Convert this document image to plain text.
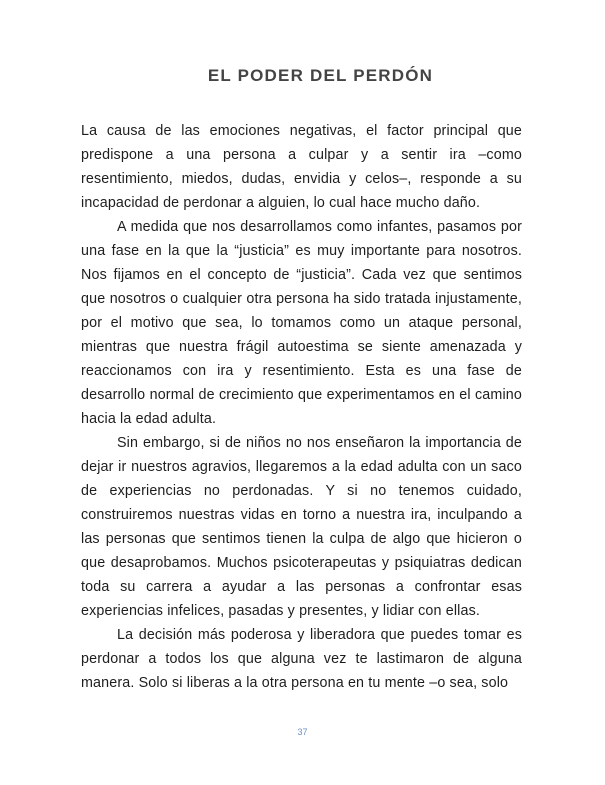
EL PODER DEL PERDÓN

La causa de las emociones negativas, el factor principal que predispone a una persona a culpar y a sentir ira –como resentimiento, miedos, dudas, envidia y celos–, responde a su incapacidad de perdonar a alguien, lo cual hace mucho daño.

A medida que nos desarrollamos como infantes, pasamos por una fase en la que la “justicia” es muy importante para nosotros. Nos fijamos en el concepto de “justicia”. Cada vez que sentimos que nosotros o cualquier otra persona ha sido tratada injustamente, por el motivo que sea, lo tomamos como un ataque personal, mientras que nuestra frágil autoestima se siente amenazada y reaccionamos con ira y resentimiento. Esta es una fase de desarrollo normal de crecimiento que experimentamos en el camino hacia la edad adulta.

Sin embargo, si de niños no nos enseñaron la importancia de dejar ir nuestros agravios, llegaremos a la edad adulta con un saco de experiencias no perdonadas. Y si no tenemos cuidado, construiremos nuestras vidas en torno a nuestra ira, inculpando a las personas que sentimos tienen la culpa de algo que hicieron o que desaprobamos. Muchos psicoterapeutas y psiquiatras dedican toda su carrera a ayudar a las personas a confrontar esas experiencias infelices, pasadas y presentes, y lidiar con ellas.

La decisión más poderosa y liberadora que puedes tomar es perdonar a todos los que alguna vez te lastimaron de alguna manera. Solo si liberas a la otra persona en tu mente –o sea, solo

37
